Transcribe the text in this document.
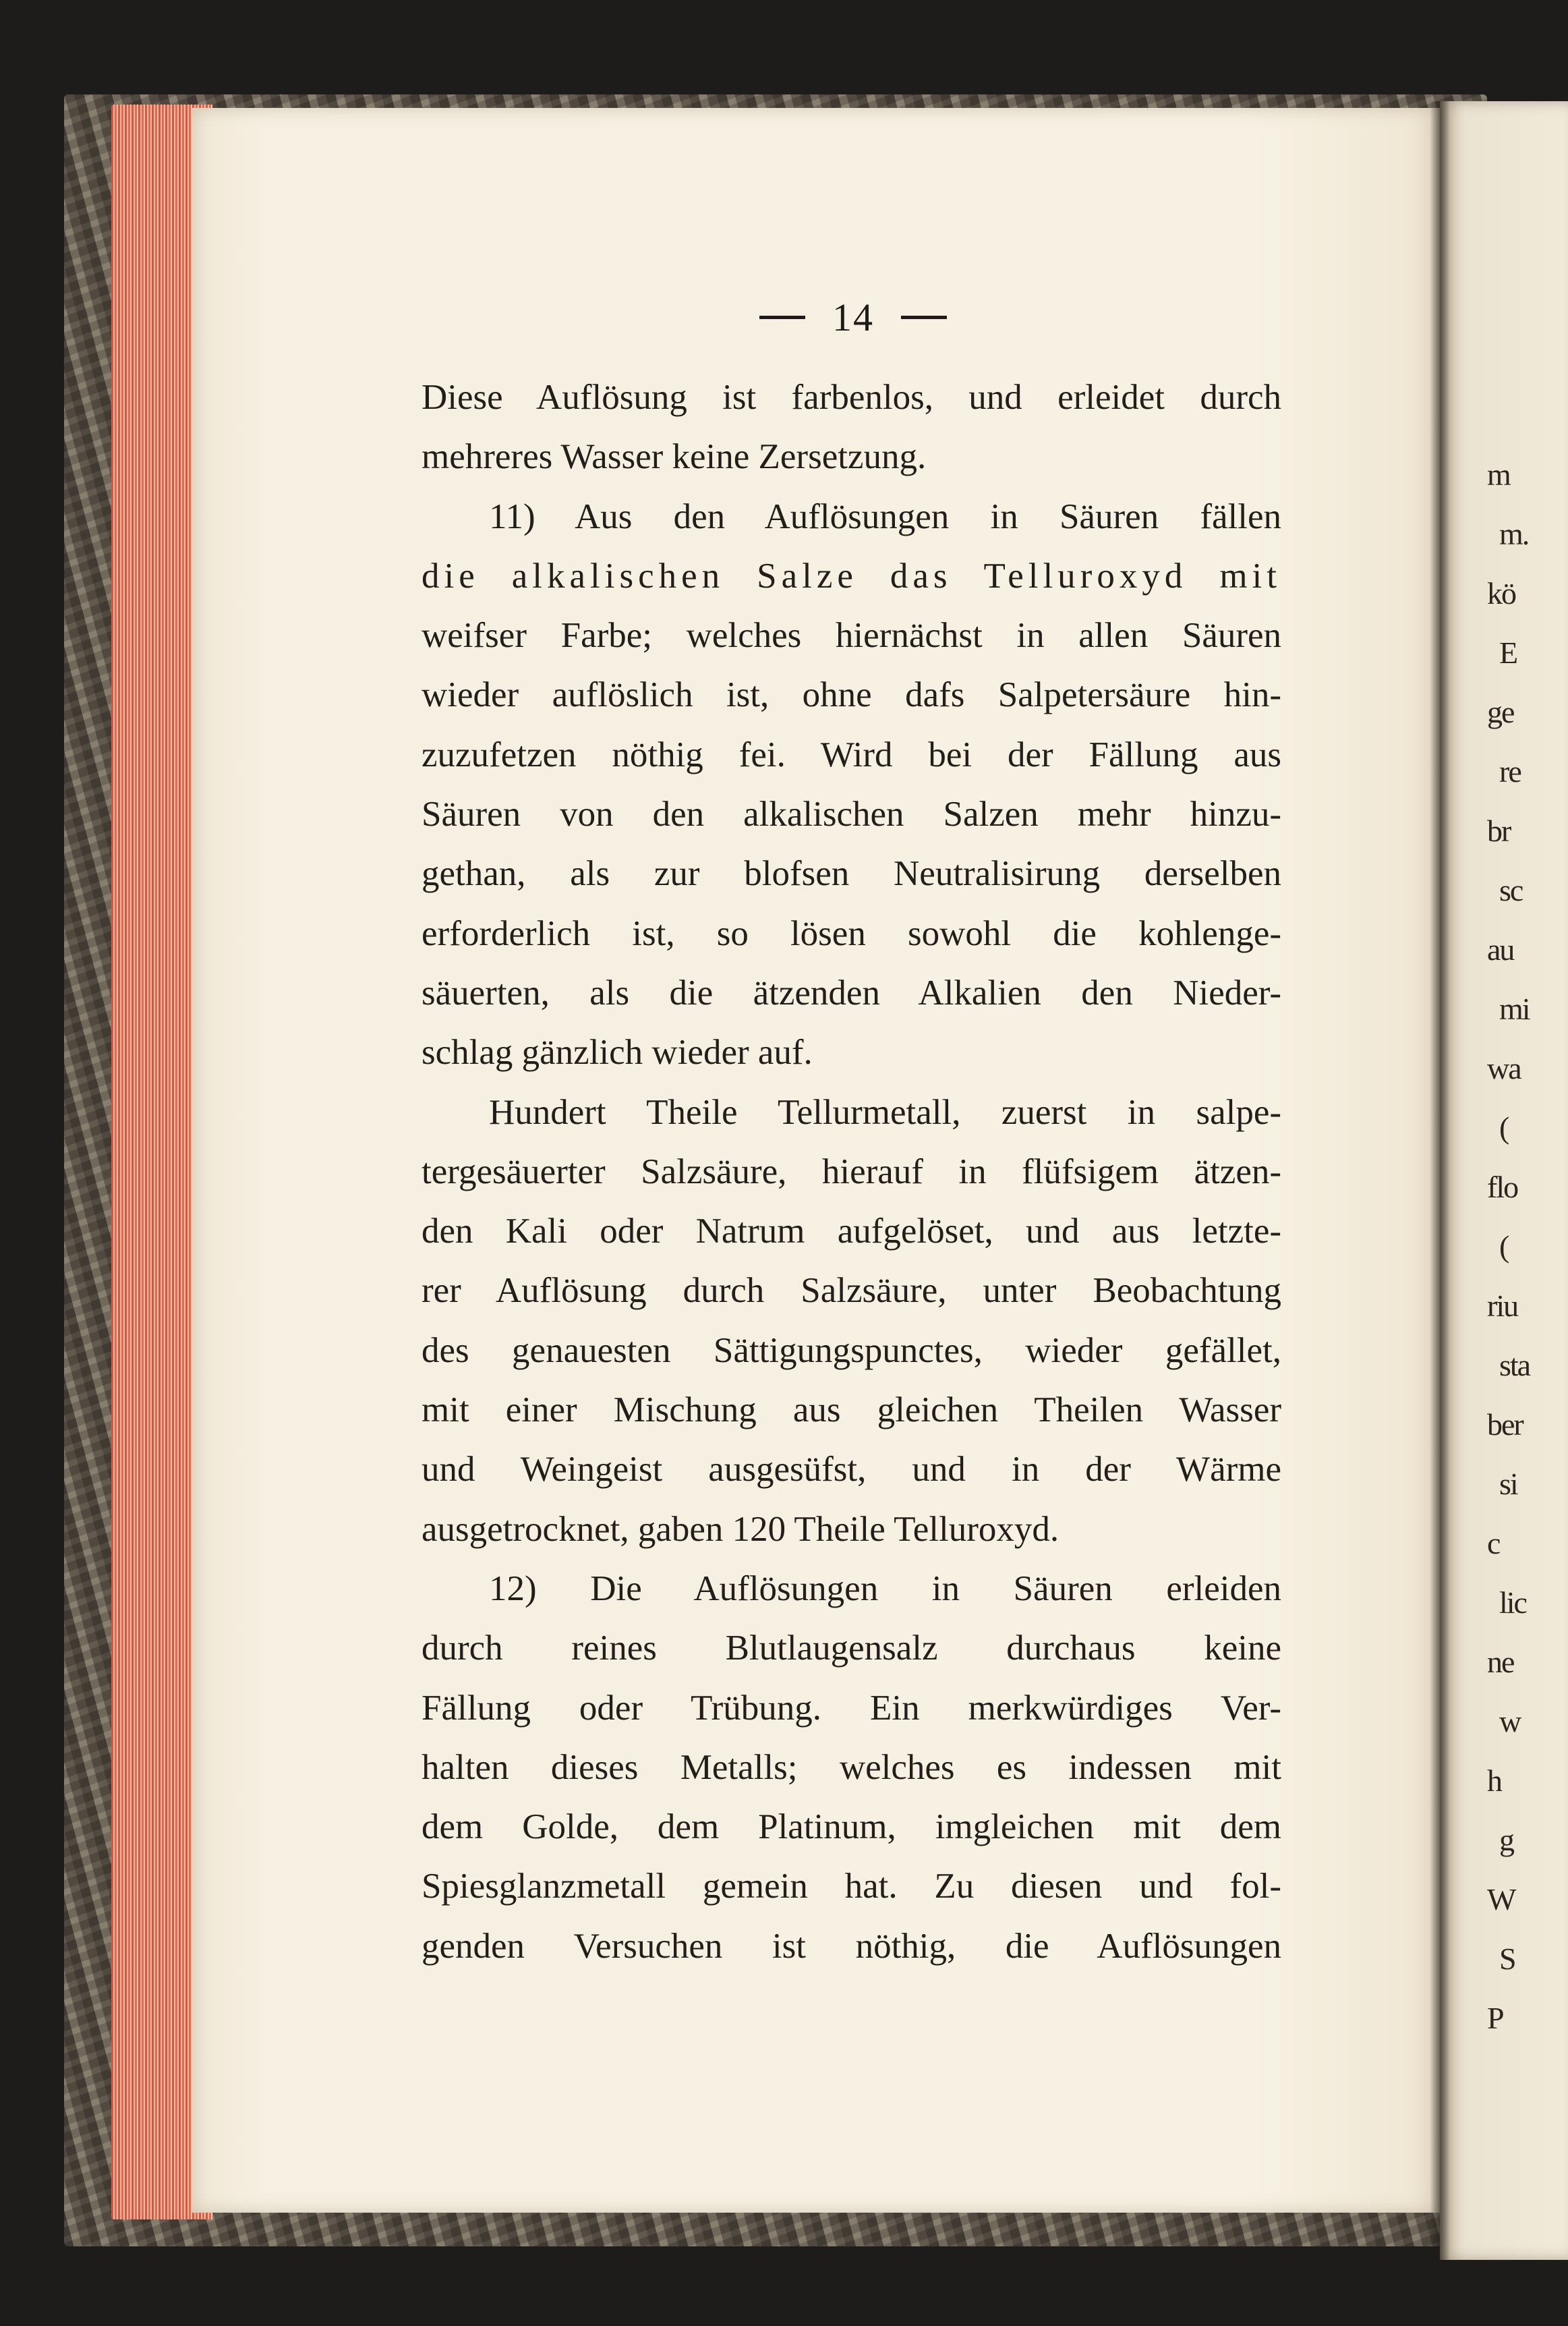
m
m.
kö
E
ge
re
br
sc
au
mi
wa
(
flo
(
riu
sta
ber
si
c
lic
ne
w
h
g
W
S
P
14
Diese Auflösung ist farbenlos, und erleidet durch
mehreres Wasser keine Zersetzung.
11) Aus den Auflösungen in Säuren fällen
die alkalischen Salze das Telluroxyd mit
weifser Farbe; welches hiernächst in allen Säuren
wieder auflöslich ist, ohne dafs Salpetersäure hin-
zuzufetzen nöthig fei. Wird bei der Fällung aus
Säuren von den alkalischen Salzen mehr hinzu-
gethan, als zur blofsen Neutralisirung derselben
erforderlich ist, so lösen sowohl die kohlenge-
säuerten, als die ätzenden Alkalien den Nieder-
schlag gänzlich wieder auf.
Hundert Theile Tellurmetall, zuerst in salpe-
tergesäuerter Salzsäure, hierauf in flüfsigem ätzen-
den Kali oder Natrum aufgelöset, und aus letzte-
rer Auflösung durch Salzsäure, unter Beobachtung
des genauesten Sättigungspunctes, wieder gefället,
mit einer Mischung aus gleichen Theilen Wasser
und Weingeist ausgesüfst, und in der Wärme
ausgetrocknet, gaben 120 Theile Telluroxyd.
12) Die Auflösungen in Säuren erleiden
durch reines Blutlaugensalz durchaus keine
Fällung oder Trübung. Ein merkwürdiges Ver-
halten dieses Metalls; welches es indessen mit
dem Golde, dem Platinum, imgleichen mit dem
Spiesglanzmetall gemein hat. Zu diesen und fol-
genden Versuchen ist nöthig, die Auflösungen
